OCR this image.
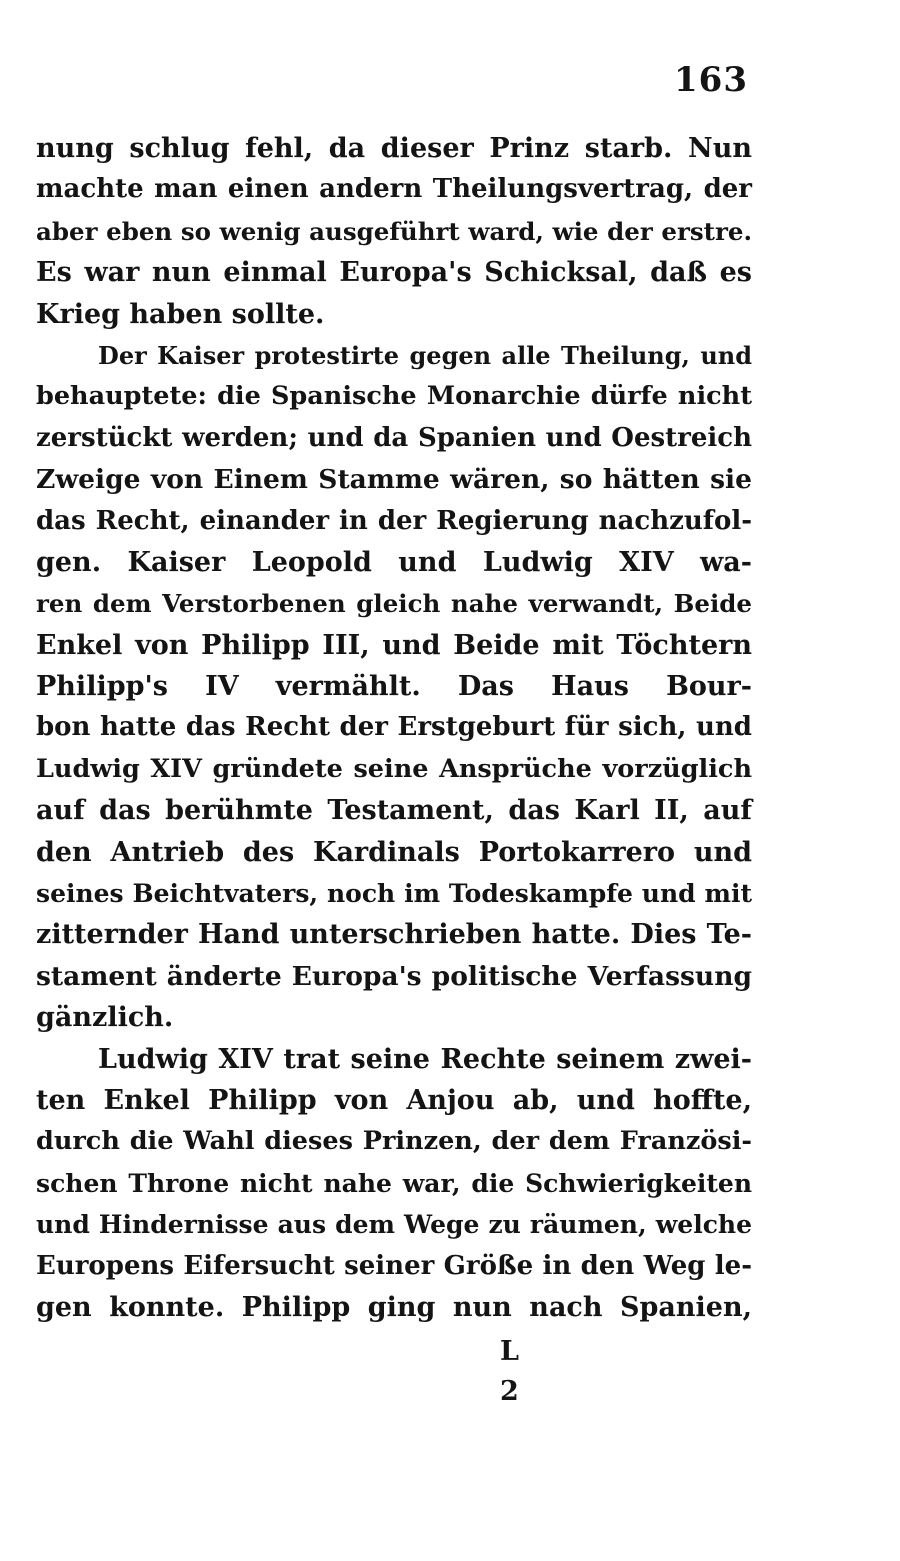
163
nung schlug fehl, da dieser Prinz starb. Nun
machte man einen andern Theilungsvertrag, der
aber eben so wenig ausgeführt ward, wie der erstre.
Es war nun einmal Europa's Schicksal, daß es
Krieg haben sollte.
Der Kaiser protestirte gegen alle Theilung, und
behauptete: die Spanische Monarchie dürfe nicht
zerstückt werden; und da Spanien und Oestreich
Zweige von Einem Stamme wären, so hätten sie
das Recht, einander in der Regierung nachzufol-
gen. Kaiser Leopold und Ludwig XIV wa-
ren dem Verstorbenen gleich nahe verwandt, Beide
Enkel von Philipp III, und Beide mit Töchtern
Philipp's IV vermählt. Das Haus Bour-
bon hatte das Recht der Erstgeburt für sich, und
Ludwig XIV gründete seine Ansprüche vorzüglich
auf das berühmte Testament, das Karl II, auf
den Antrieb des Kardinals Portokarrero und
seines Beichtvaters, noch im Todeskampfe und mit
zitternder Hand unterschrieben hatte. Dies Te-
stament änderte Europa's politische Verfassung
gänzlich.
Ludwig XIV trat seine Rechte seinem zwei-
ten Enkel Philipp von Anjou ab, und hoffte,
durch die Wahl dieses Prinzen, der dem Französi-
schen Throne nicht nahe war, die Schwierigkeiten
und Hindernisse aus dem Wege zu räumen, welche
Europens Eifersucht seiner Größe in den Weg le-
gen konnte. Philipp ging nun nach Spanien,
L 2
